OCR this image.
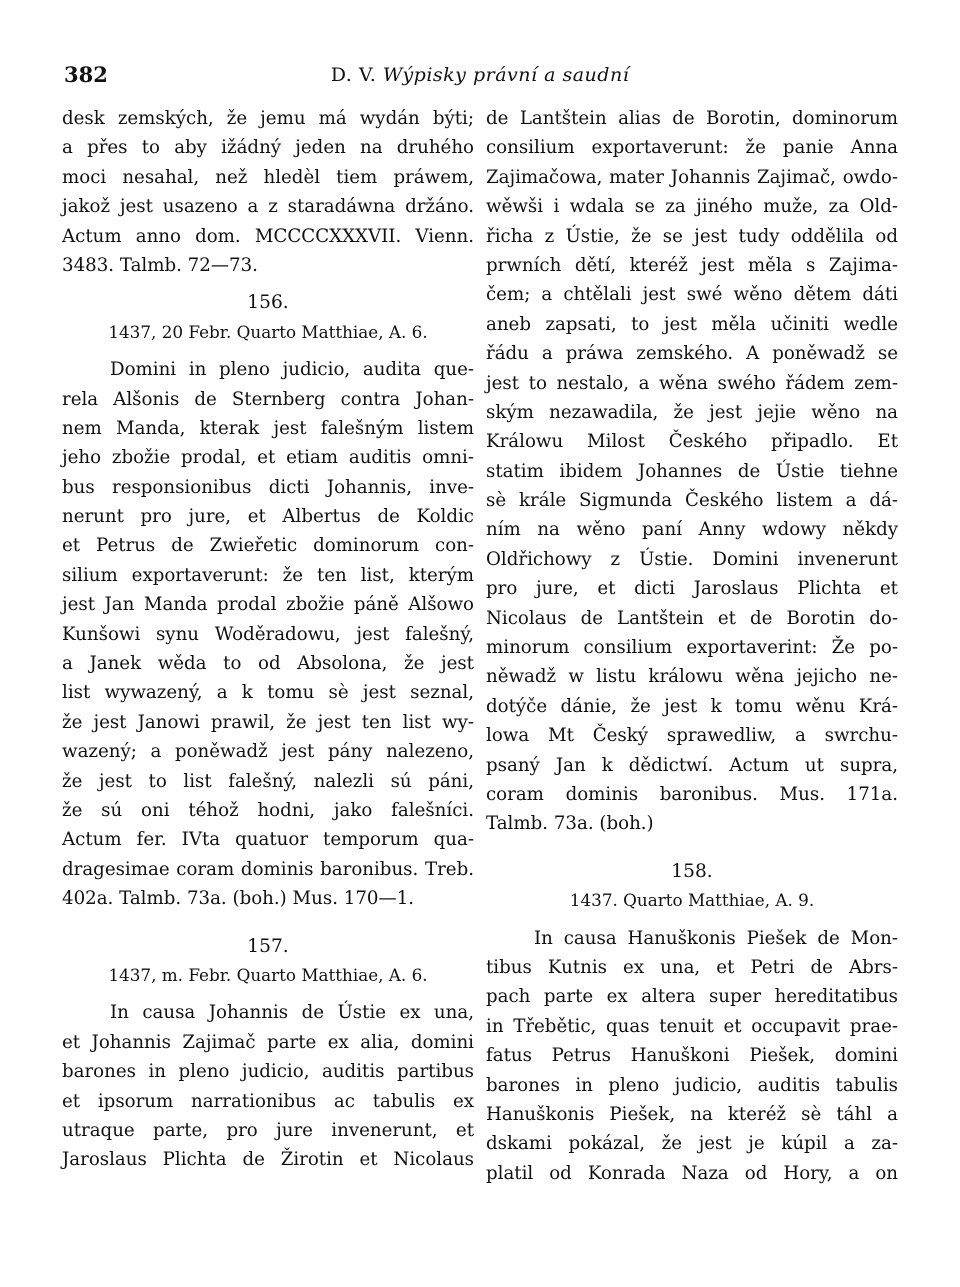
382	D. V. Wýpisky právní a saudní
desk zemských, že jemu má wydán býti;
a přes to aby ižádný jeden na druhého
moci nesahal, než hledèl tiem práwem,
jakož jest usazeno a z staradáwna držáno.
Actum anno dom. MCCCCXXXVII. Vienn.
3483. Talmb. 72—73.
156.
1437, 20 Febr. Quarto Matthiae, A. 6.
Domini in pleno judicio, audita que-
rela Alšonis de Sternberg contra Johan-
nem Manda, kterak jest falešným listem
jeho zbožie prodal, et etiam auditis omni-
bus responsionibus dicti Johannis, inve-
nerunt pro jure, et Albertus de Koldic
et Petrus de Zwieřetic dominorum con-
silium exportaverunt: že ten list, kterým
jest Jan Manda prodal zbožie páně Alšowo
Kunšowi synu Woděradowu, jest falešný,
a Janek wěda to od Absolona, že jest
list wywazený, a k tomu sè jest seznal,
že jest Janowi prawil, že jest ten list wy-
wazený; a poněwadž jest pány nalezeno,
že jest to list falešný, nalezli sú páni,
že sú oni téhož hodni, jako falešníci.
Actum fer. IVta quatuor temporum qua-
dragesimae coram dominis baronibus. Treb.
402a. Talmb. 73a. (boh.) Mus. 170—1.
157.
1437, m. Febr. Quarto Matthiae, A. 6.
In causa Johannis de Ústie ex una,
et Johannis Zajimač parte ex alia, domini
barones in pleno judicio, auditis partibus
et ipsorum narrationibus ac tabulis ex
utraque parte, pro jure invenerunt, et
Jaroslaus Plichta de Žirotin et Nicolaus
de Lantštein alias de Borotin, dominorum
consilium exportaverunt: že panie Anna
Zajimačowa, mater Johannis Zajimač, owdo-
wěwši i wdala se za jiného muže, za Old-
řicha z Ústie, že se jest tudy oddělila od
prwních dětí, kteréž jest měla s Zajima-
čem; a chtělali jest swé wěno dětem dáti
aneb zapsati, to jest měla učiniti wedle
řádu a práwa zemského. A poněwadž se
jest to nestalo, a wěna swého řádem zem-
ským nezawadila, že jest jejie wěno na
Králowu Milost Českého připadlo. Et
statim ibidem Johannes de Ústie tiehne
sè krále Sigmunda Českého listem a dá-
ním na wěno paní Anny wdowy někdy
Oldřichowy z Ústie. Domini invenerunt
pro jure, et dicti Jaroslaus Plichta et
Nicolaus de Lantštein et de Borotin do-
minorum consilium exportaverint: Že po-
něwadž w listu králowu wěna jejicho ne-
dotýče dánie, že jest k tomu wěnu Krá-
lowa Mt Český sprawedliw, a swrchu-
psaný Jan k dědictwí. Actum ut supra,
coram dominis baronibus. Mus. 171a.
Talmb. 73a. (boh.)
158.
1437. Quarto Matthiae, A. 9.
In causa Hanuškonis Piešek de Mon-
tibus Kutnis ex una, et Petri de Abrs-
pach parte ex altera super hereditatibus
in Třebětic, quas tenuit et occupavit prae-
fatus Petrus Hanuškoni Piešek, domini
barones in pleno judicio, auditis tabulis
Hanuškonis Piešek, na kteréž sè táhl a
dskami pokázal, že jest je kúpil a za-
platil od Konrada Naza od Hory, a on
